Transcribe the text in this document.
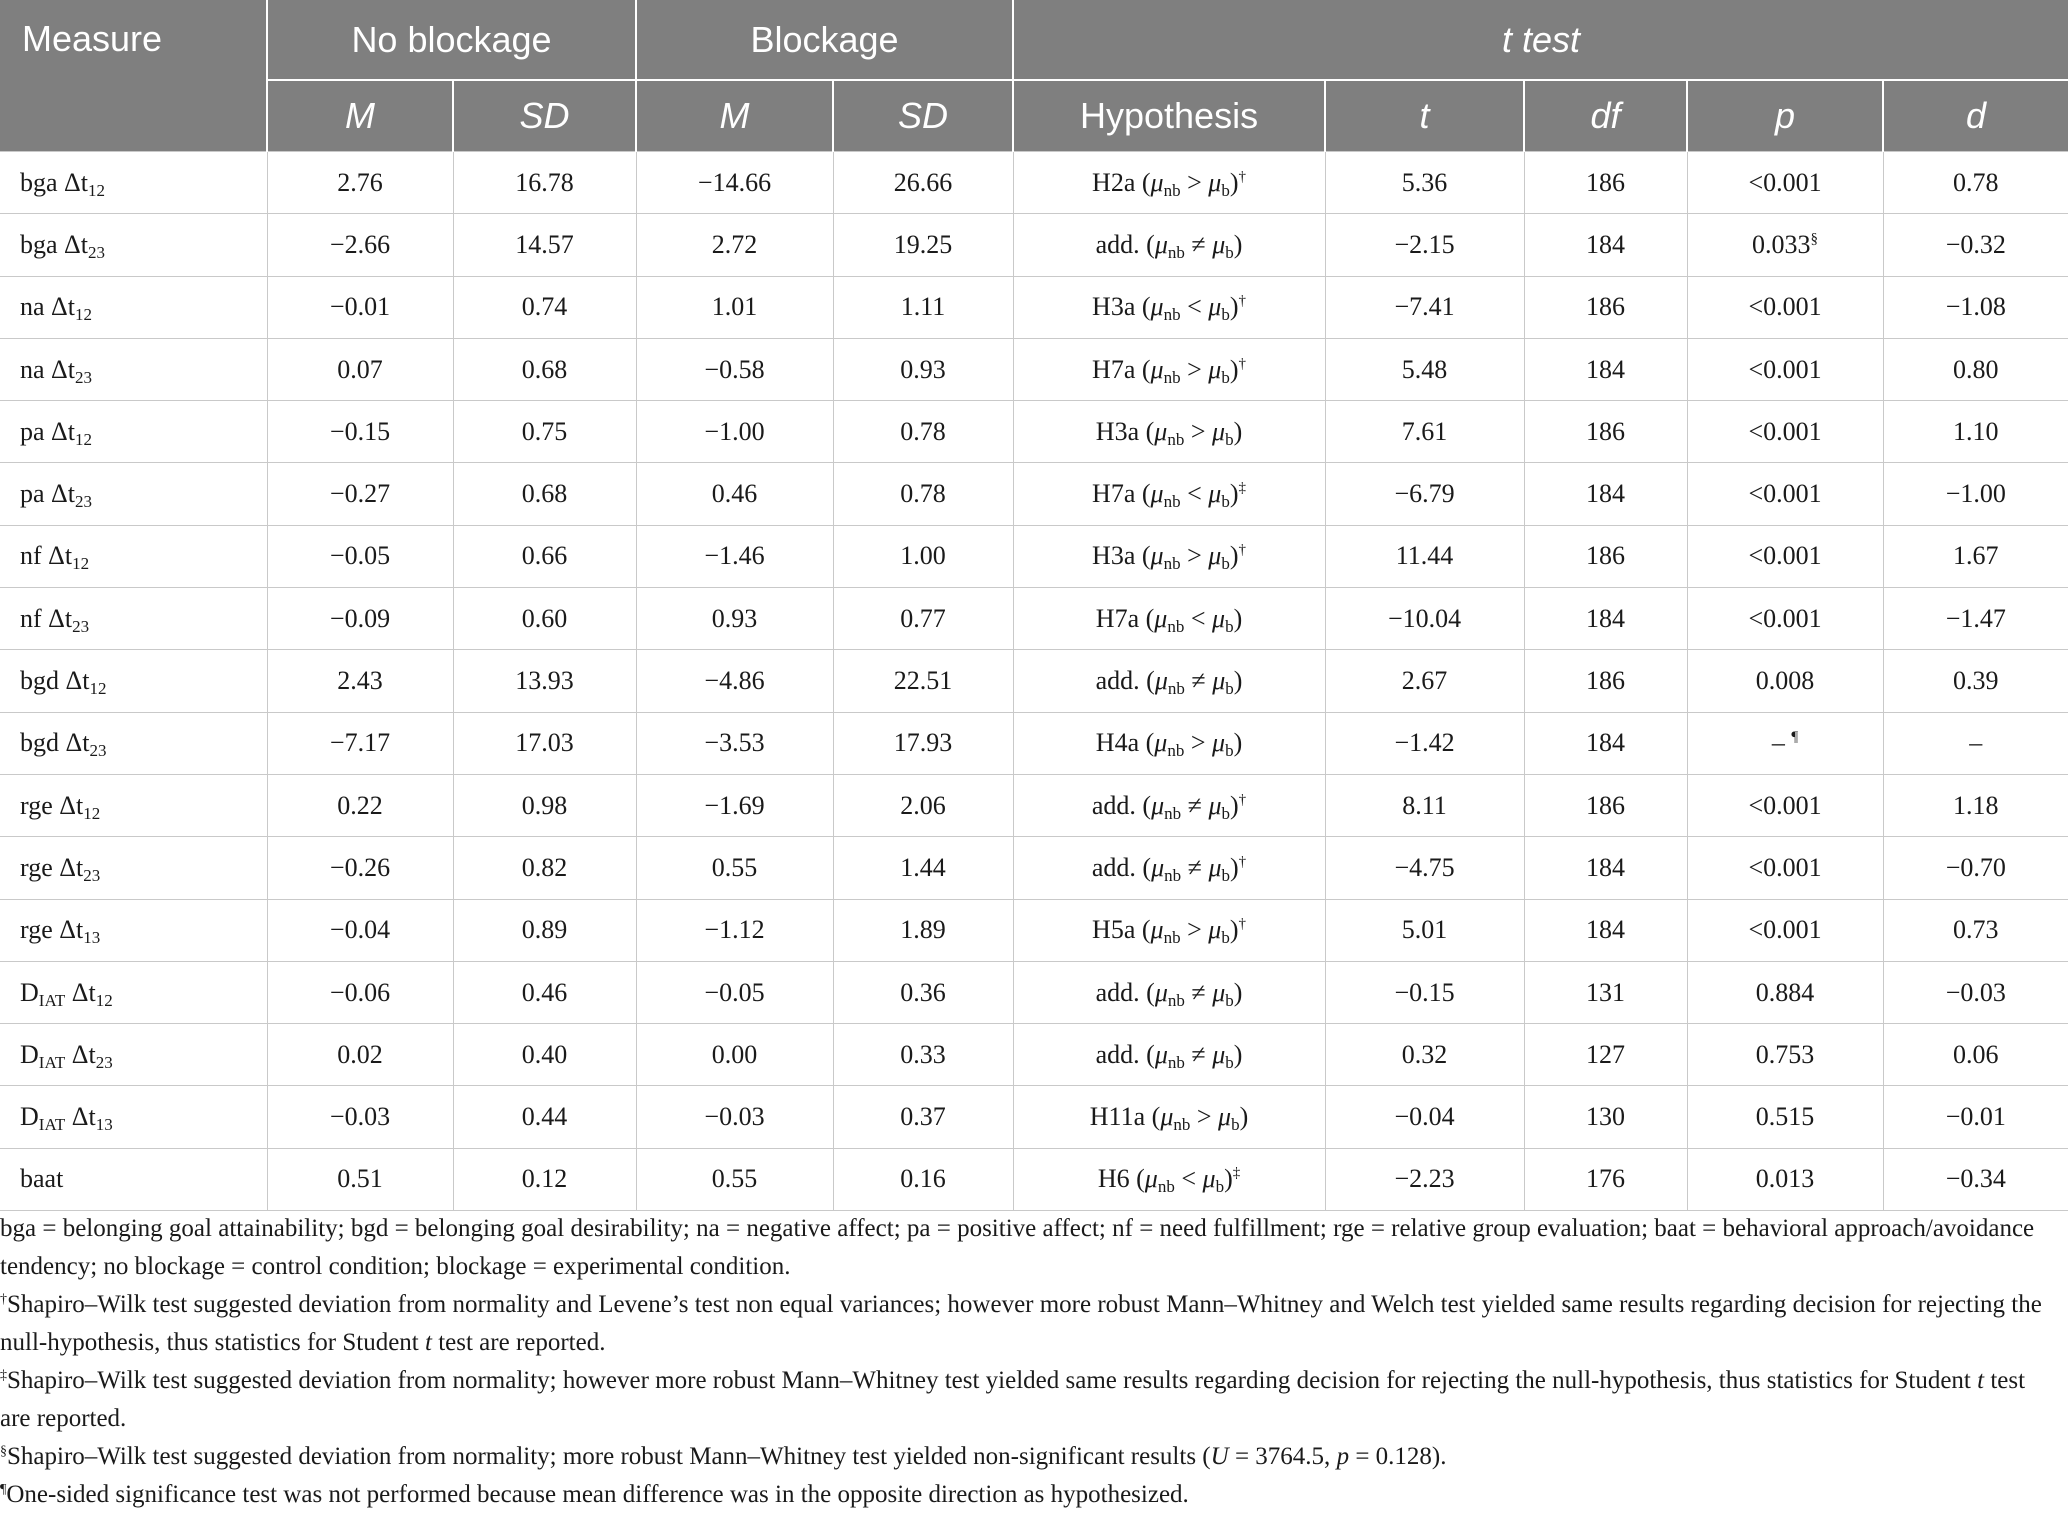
Measure	No blockage		Blockage		t test				
	M	SD	M	SD	Hypothesis	t	df	p	d
bga $\Delta t_{12}$	2.76	16.78	−14.66	26.66	H2a $(\mu_{nb} > \mu_b)^\dagger$	5.36	186	<0.001	0.78
bga $\Delta t_{23}$	−2.66	14.57	2.72	19.25	add. $(\mu_{nb} \ne \mu_b)$	−2.15	184	0.033§	−0.32
na $\Delta t_{12}$	−0.01	0.74	1.01	1.11	H3a $(\mu_{nb} < \mu_b)^\dagger$	−7.41	186	<0.001	−1.08
na $\Delta t_{23}$	0.07	0.68	−0.58	0.93	H7a $(\mu_{nb} > \mu_b)^\dagger$	5.48	184	<0.001	0.80
pa $\Delta t_{12}$	−0.15	0.75	−1.00	0.78	H3a $(\mu_{nb} > \mu_b)$	7.61	186	<0.001	1.10
pa $\Delta t_{23}$	−0.27	0.68	0.46	0.78	H7a $(\mu_{nb} < \mu_b)^\ddagger$	−6.79	184	<0.001	−1.00
nf $\Delta t_{12}$	−0.05	0.66	−1.46	1.00	H3a $(\mu_{nb} > \mu_b)^\dagger$	11.44	186	<0.001	1.67
nf $\Delta t_{23}$	−0.09	0.60	0.93	0.77	H7a $(\mu_{nb} < \mu_b)$	−10.04	184	<0.001	−1.47
bgd $\Delta t_{12}$	2.43	13.93	−4.86	22.51	add. $(\mu_{nb} \ne \mu_b)$	2.67	186	0.008	0.39
bgd $\Delta t_{23}$	−7.17	17.03	−3.53	17.93	H4a $(\mu_{nb} > \mu_b)$	−1.42	184	– ¶	–
rge $\Delta t_{12}$	0.22	0.98	−1.69	2.06	add. $(\mu_{nb} \ne \mu_b)^\dagger$	8.11	186	<0.001	1.18
rge $\Delta t_{23}$	−0.26	0.82	0.55	1.44	add. $(\mu_{nb} \ne \mu_b)^\dagger$	−4.75	184	<0.001	−0.70
rge $\Delta t_{13}$	−0.04	0.89	−1.12	1.89	H5a $(\mu_{nb} > \mu_b)^\dagger$	5.01	184	<0.001	0.73
$D_{IAT}$ $\Delta t_{12}$	−0.06	0.46	−0.05	0.36	add. $(\mu_{nb} \ne \mu_b)$	−0.15	131	0.884	−0.03
$D_{IAT}$ $\Delta t_{23}$	0.02	0.40	0.00	0.33	add. $(\mu_{nb} \ne \mu_b)$	0.32	127	0.753	0.06
$D_{IAT}$ $\Delta t_{13}$	−0.03	0.44	−0.03	0.37	H11a $(\mu_{nb} > \mu_b)$	−0.04	130	0.515	−0.01
baat	0.51	0.12	0.55	0.16	H6 $(\mu_{nb} < \mu_b)^\ddagger$	−2.23	176	0.013	−0.34

bga = belonging goal attainability; bgd = belonging goal desirability; na = negative affect; pa = positive affect; nf = need fulfillment; rge = relative group evaluation; baat = behavioral approach/avoidance tendency; no blockage = control condition; blockage = experimental condition.

†Shapiro–Wilk test suggested deviation from normality and Levene’s test non equal variances; however more robust Mann–Whitney and Welch test yielded same results regarding decision for rejecting the null-hypothesis, thus statistics for Student t test are reported.

‡Shapiro–Wilk test suggested deviation from normality; however more robust Mann–Whitney test yielded same results regarding decision for rejecting the null-hypothesis, thus statistics for Student t test are reported.

§Shapiro–Wilk test suggested deviation from normality; more robust Mann–Whitney test yielded non-significant results (U = 3764.5, p = 0.128).

¶One-sided significance test was not performed because mean difference was in the opposite direction as hypothesized.
